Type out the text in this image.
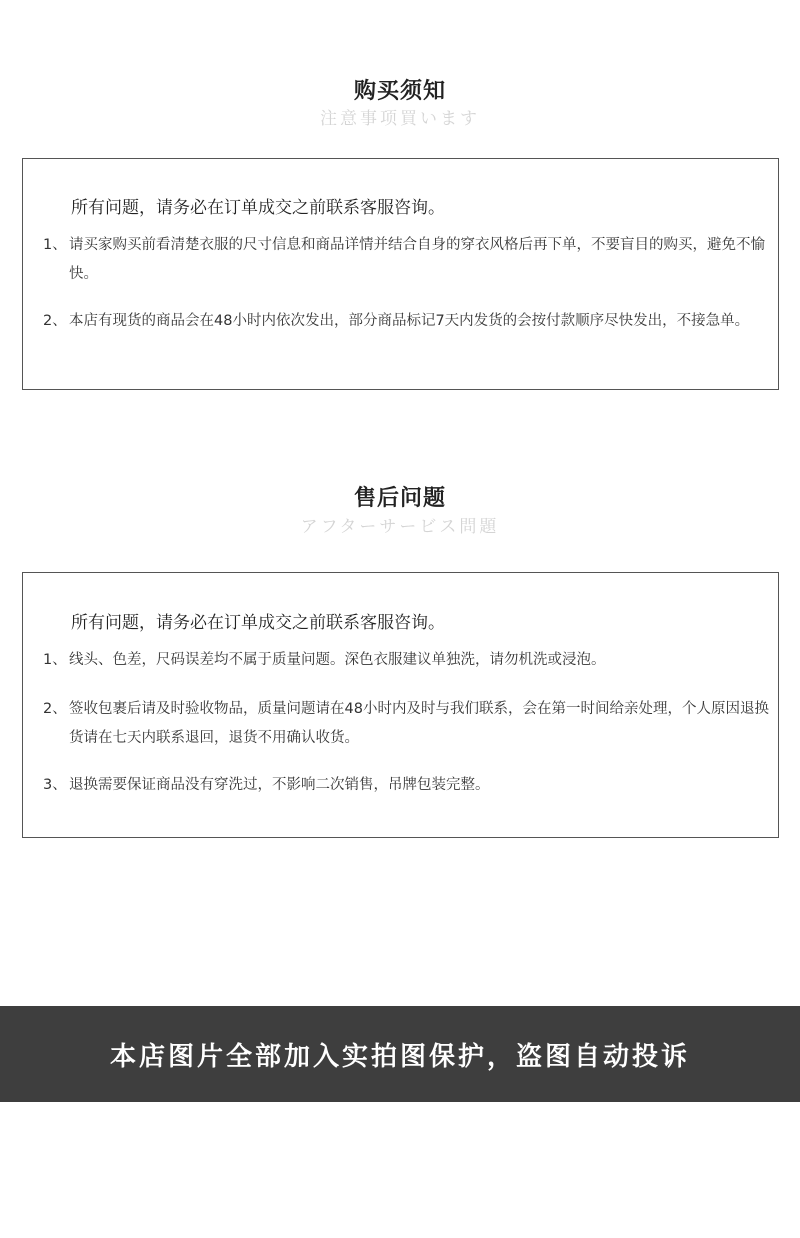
购买须知
注意事项買います
所有问题，请务必在订单成交之前联系客服咨询。
1、 请买家购买前看清楚衣服的尺寸信息和商品详情并结合自身的穿衣风格后再下单，不要盲目的购买，避免不愉快。
2、 本店有现货的商品会在48小时内依次发出，部分商品标记7天内发货的会按付款顺序尽快发出，不接急单。
售后问题
アフターサービス問題
所有问题，请务必在订单成交之前联系客服咨询。
1、 线头、色差，尺码误差均不属于质量问题。深色衣服建议单独洗，请勿机洗或浸泡。
2、 签收包裹后请及时验收物品，质量问题请在48小时内及时与我们联系，会在第一时间给亲处理，个人原因退换货请在七天内联系退回，退货不用确认收货。
3、 退换需要保证商品没有穿洗过，不影响二次销售，吊牌包装完整。
本店图片全部加入实拍图保护，盗图自动投诉
